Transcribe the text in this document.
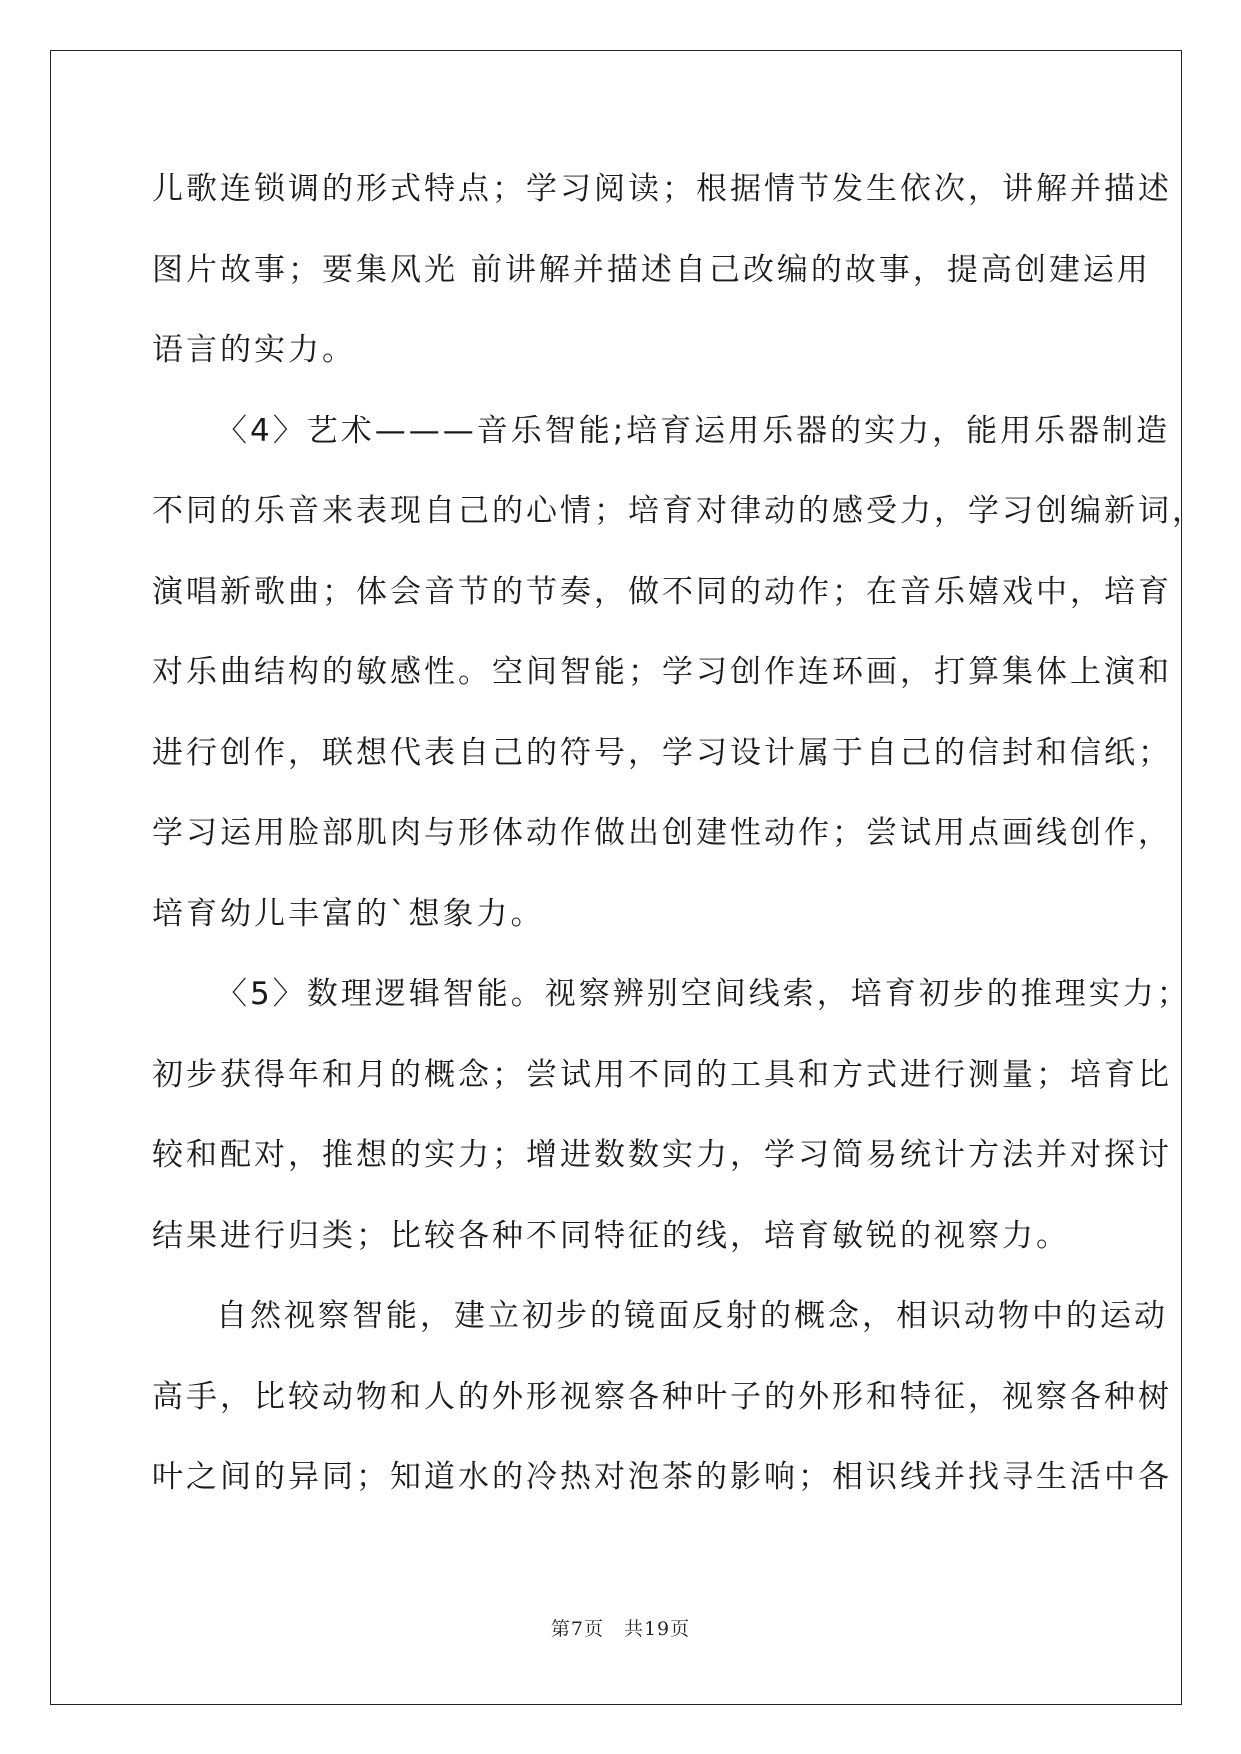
儿歌连锁调的形式特点；学习阅读；根据情节发生依次，讲解并描述
图片故事；要集风光 前讲解并描述自己改编的故事，提高创建运用
语言的实力。
〈4〉艺术———音乐智能;培育运用乐器的实力，能用乐器制造
不同的乐音来表现自己的心情；培育对律动的感受力，学习创编新词，
演唱新歌曲；体会音节的节奏，做不同的动作；在音乐嬉戏中，培育
对乐曲结构的敏感性。空间智能；学习创作连环画，打算集体上演和
进行创作，联想代表自己的符号，学习设计属于自己的信封和信纸；
学习运用脸部肌肉与形体动作做出创建性动作；尝试用点画线创作，
培育幼儿丰富的`想象力。
〈5〉数理逻辑智能。视察辨别空间线索，培育初步的推理实力；
初步获得年和月的概念；尝试用不同的工具和方式进行测量；培育比
较和配对，推想的实力；增进数数实力，学习简易统计方法并对探讨
结果进行归类；比较各种不同特征的线，培育敏锐的视察力。
自然视察智能，建立初步的镜面反射的概念，相识动物中的运动
高手，比较动物和人的外形视察各种叶子的外形和特征，视察各种树
叶之间的异同；知道水的冷热对泡茶的影响；相识线并找寻生活中各
第7页 共19页
